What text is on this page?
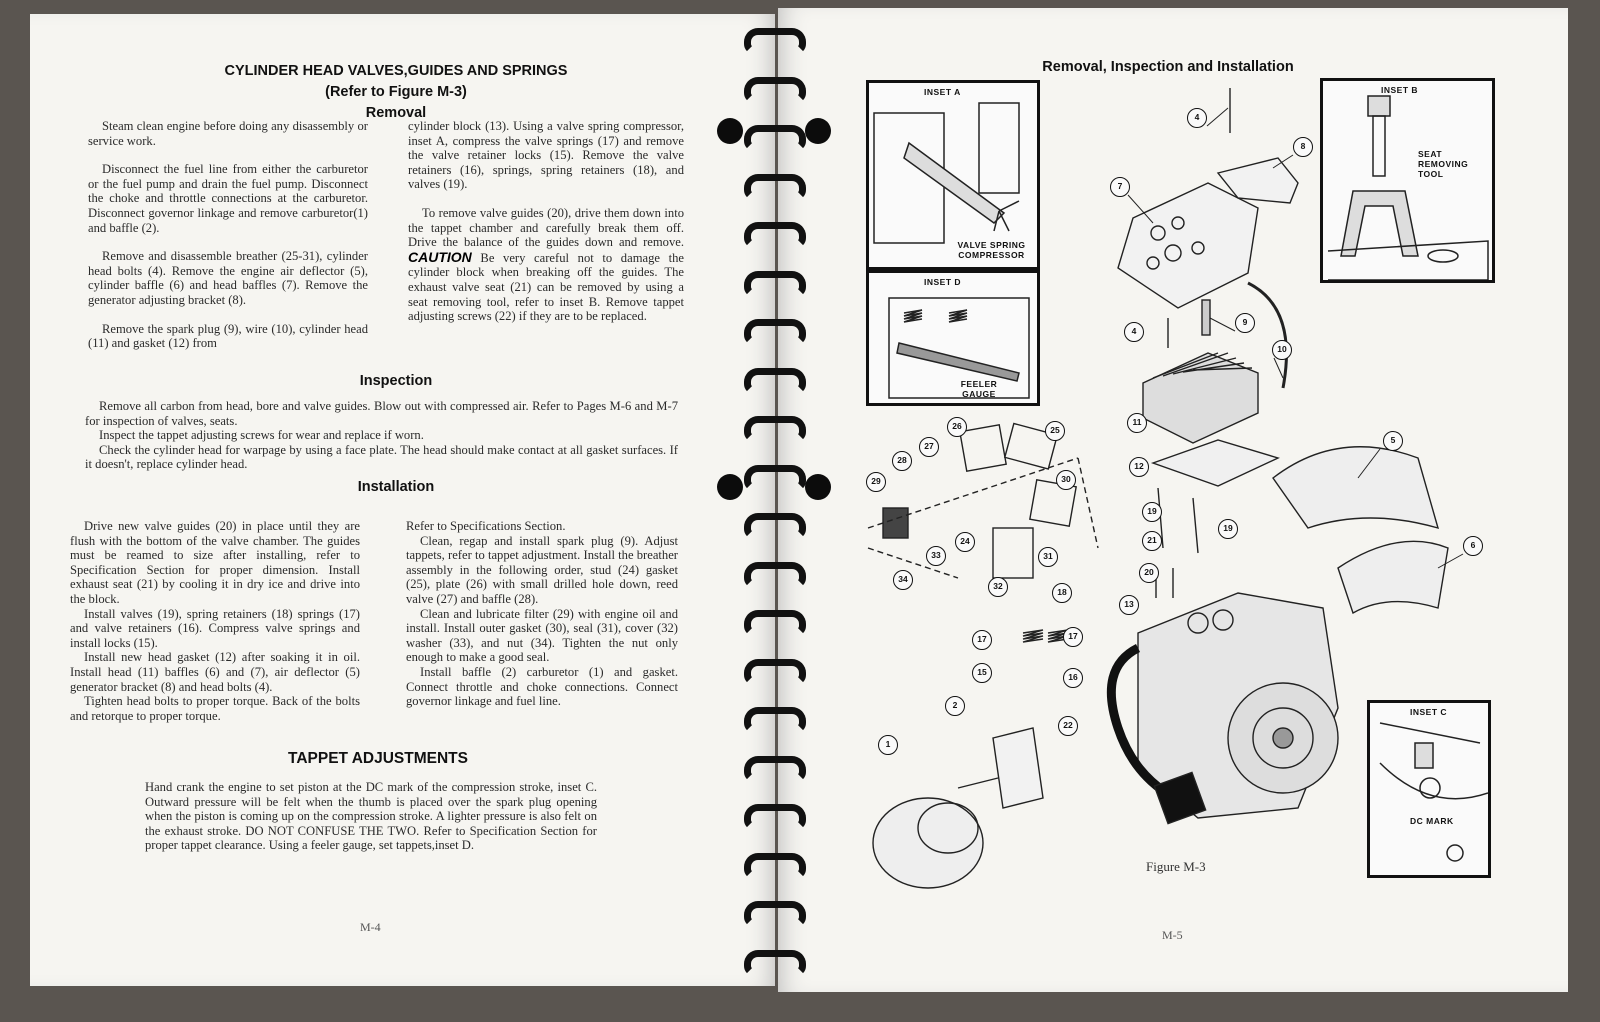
CYLINDER HEAD VALVES,GUIDES AND SPRINGS
(Refer to Figure M-3)
Removal

Steam clean engine before doing any disassembly or service work.

Disconnect the fuel line from either the carburetor or the fuel pump and drain the fuel pump. Disconnect the choke and throttle connections at the carburetor. Disconnect governor linkage and remove carburetor(1) and baffle (2).

Remove and disassemble breather (25-31), cylinder head bolts (4). Remove the engine air deflector (5), cylinder baffle (6) and head baffles (7). Remove the generator adjusting bracket (8).

Remove the spark plug (9), wire (10), cylinder head (11) and gasket (12) from

cylinder block (13). Using a valve spring compressor, inset A, compress the valve springs (17) and remove the valve retainer locks (15). Remove the valve retainers (16), springs, spring retainers (18), and valves (19).

To remove valve guides (20), drive them down into the tappet chamber and carefully break them off. Drive the balance of the guides down and remove. CAUTION Be very careful not to damage the cylinder block when breaking off the guides. The exhaust valve seat (21) can be removed by using a seat removing tool, refer to inset B. Remove tappet adjusting screws (22) if they are to be replaced.

Inspection

Remove all carbon from head, bore and valve guides. Blow out with compressed air. Refer to Pages M-6 and M-7 for inspection of valves, seats.

Inspect the tappet adjusting screws for wear and replace if worn.

Check the cylinder head for warpage by using a face plate. The head should make contact at all gasket surfaces. If it doesn't, replace cylinder head.

Installation

Drive new valve guides (20) in place until they are flush with the bottom of the valve chamber. The guides must be reamed to size after installing, refer to Specification Section for proper dimension. Install exhaust seat (21) by cooling it in dry ice and drive into the block.

Install valves (19), spring retainers (18) springs (17) and valve retainers (16). Compress valve springs and install locks (15).

Install new head gasket (12) after soaking it in oil. Install head (11) baffles (6) and (7), air deflector (5) generator bracket (8) and head bolts (4).

Tighten head bolts to proper torque. Back of the bolts and retorque to proper torque.

Refer to Specifications Section.

Clean, regap and install spark plug (9). Adjust tappets, refer to tappet adjustment. Install the breather assembly in the following order, stud (24) gasket (25), plate (26) with small drilled hole down, reed valve (27) and baffle (28).

Clean and lubricate filter (29) with engine oil and install. Install outer gasket (30), seal (31), cover (32) washer (33), and nut (34). Tighten the nut only enough to make a good seal.

Install baffle (2) carburetor (1) and gasket. Connect throttle and choke connections. Connect governor linkage and fuel line.

TAPPET ADJUSTMENTS
Hand crank the engine to set piston at the DC mark of the compression stroke, inset C. Outward pressure will be felt when the thumb is placed over the spark plug opening when the piston is coming up on the compression stroke. A lighter pressure is also felt on the exhaust stroke. DO NOT CONFUSE THE TWO. Refer to Specification Section for proper tappet clearance. Using a feeler gauge, set tappets,inset D.
M-4
Removal, Inspection and Installation
INSET A
VALVE SPRING COMPRESSOR
INSET D
FEELER GAUGE
INSET B
SEAT REMOVING TOOL
INSET C
DC MARK
4
8
7
9
4
10
11
12
5
26	25
27
28
30
29
19
19
31
24	21	6
33
32
34
20
18
13
17	17
15	16
2
22
1
Figure M-3
M-5
